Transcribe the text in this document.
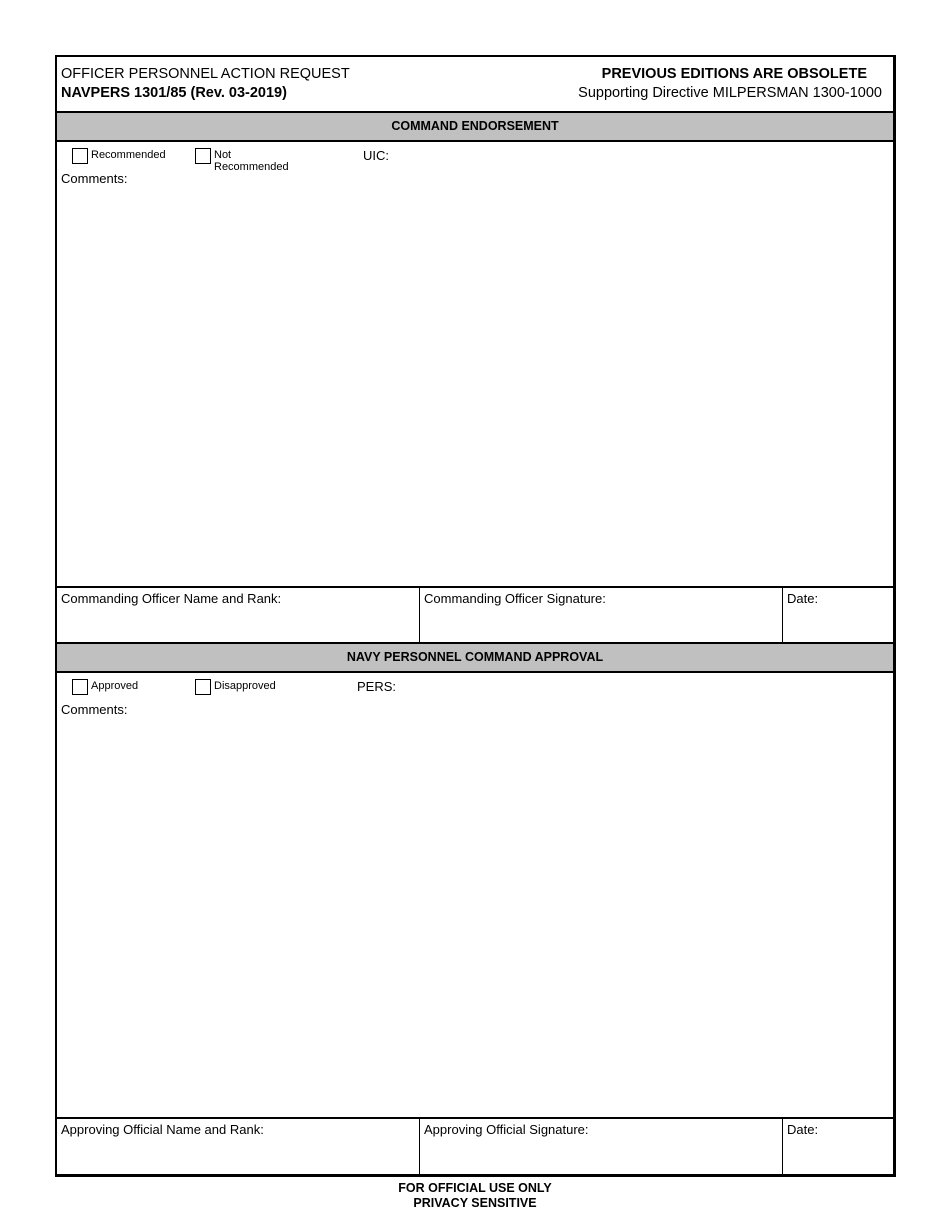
OFFICER PERSONNEL ACTION REQUEST
NAVPERS 1301/85 (Rev. 03-2019)
PREVIOUS EDITIONS ARE OBSOLETE
Supporting Directive MILPERSMAN 1300-1000
COMMAND ENDORSEMENT
Recommended	Not Recommended
UIC:
Comments:
Commanding Officer Name and Rank:	Commanding Officer Signature:	Date:
NAVY PERSONNEL COMMAND APPROVAL
Approved	Disapproved	PERS:
Comments:
Approving Official Name and Rank:	Approving Official Signature:	Date:
FOR OFFICIAL USE ONLY
PRIVACY SENSITIVE
